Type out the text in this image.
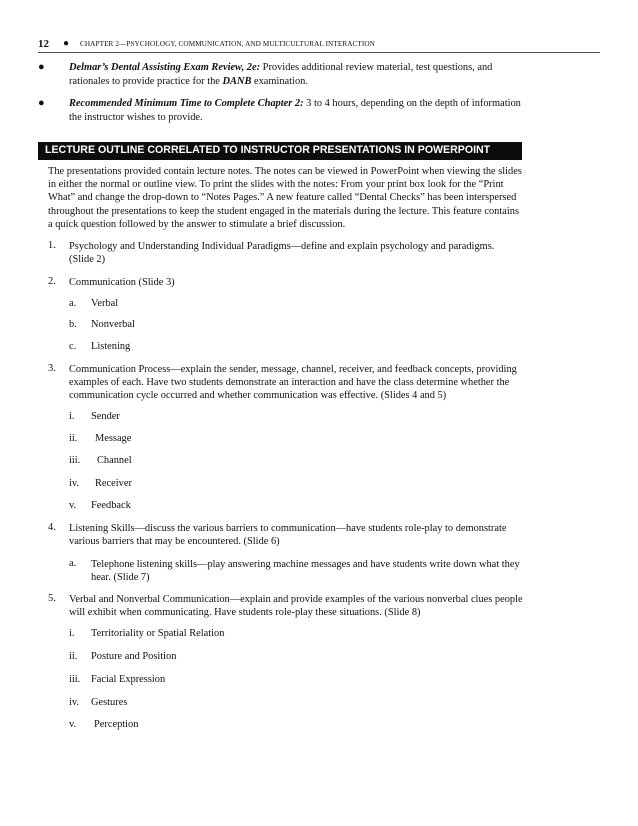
12 ● CHAPTER 2—PSYCHOLOGY, COMMUNICATION, AND MULTICULTURAL INTERACTION
● Delmar’s Dental Assisting Exam Review, 2e: Provides additional review material, test questions, and
rationales to provide practice for the DANB examination.
● Recommended Minimum Time to Complete Chapter 2: 3 to 4 hours, depending on the depth of information
the instructor wishes to provide.
LECTURE OUTLINE CORRELATED TO INSTRUCTOR PRESENTATIONS IN POWERPOINT
The presentations provided contain lecture notes. The notes can be viewed in PowerPoint when viewing the slides
in either the normal or outline view. To print the slides with the notes: From your print box look for the “Print
What” and change the drop-down to “Notes Pages.” A new feature called “Dental Checks” has been interspersed
throughout the presentations to keep the student engaged in the materials during the lecture. This feature contains
a quick question followed by the answer to stimulate a brief discussion.
1. Psychology and Understanding Individual Paradigms—define and explain psychology and paradigms.
(Slide 2)
2. Communication (Slide 3)
a. Verbal
b. Nonverbal
c. Listening
3. Communication Process—explain the sender, message, channel, receiver, and feedback concepts, providing
examples of each. Have two students demonstrate an interaction and have the class determine whether the
communication cycle occurred and whether communication was effective. (Slides 4 and 5)
i. Sender
ii. Message
iii. Channel
iv. Receiver
v. Feedback
4. Listening Skills—discuss the various barriers to communication—have students role-play to demonstrate
various barriers that may be encountered. (Slide 6)
a. Telephone listening skills—play answering machine messages and have students write down what they
hear. (Slide 7)
5. Verbal and Nonverbal Communication—explain and provide examples of the various nonverbal clues people
will exhibit when communicating. Have students role-play these situations. (Slide 8)
i. Territoriality or Spatial Relation
ii. Posture and Position
iii. Facial Expression
iv. Gestures
v. Perception
